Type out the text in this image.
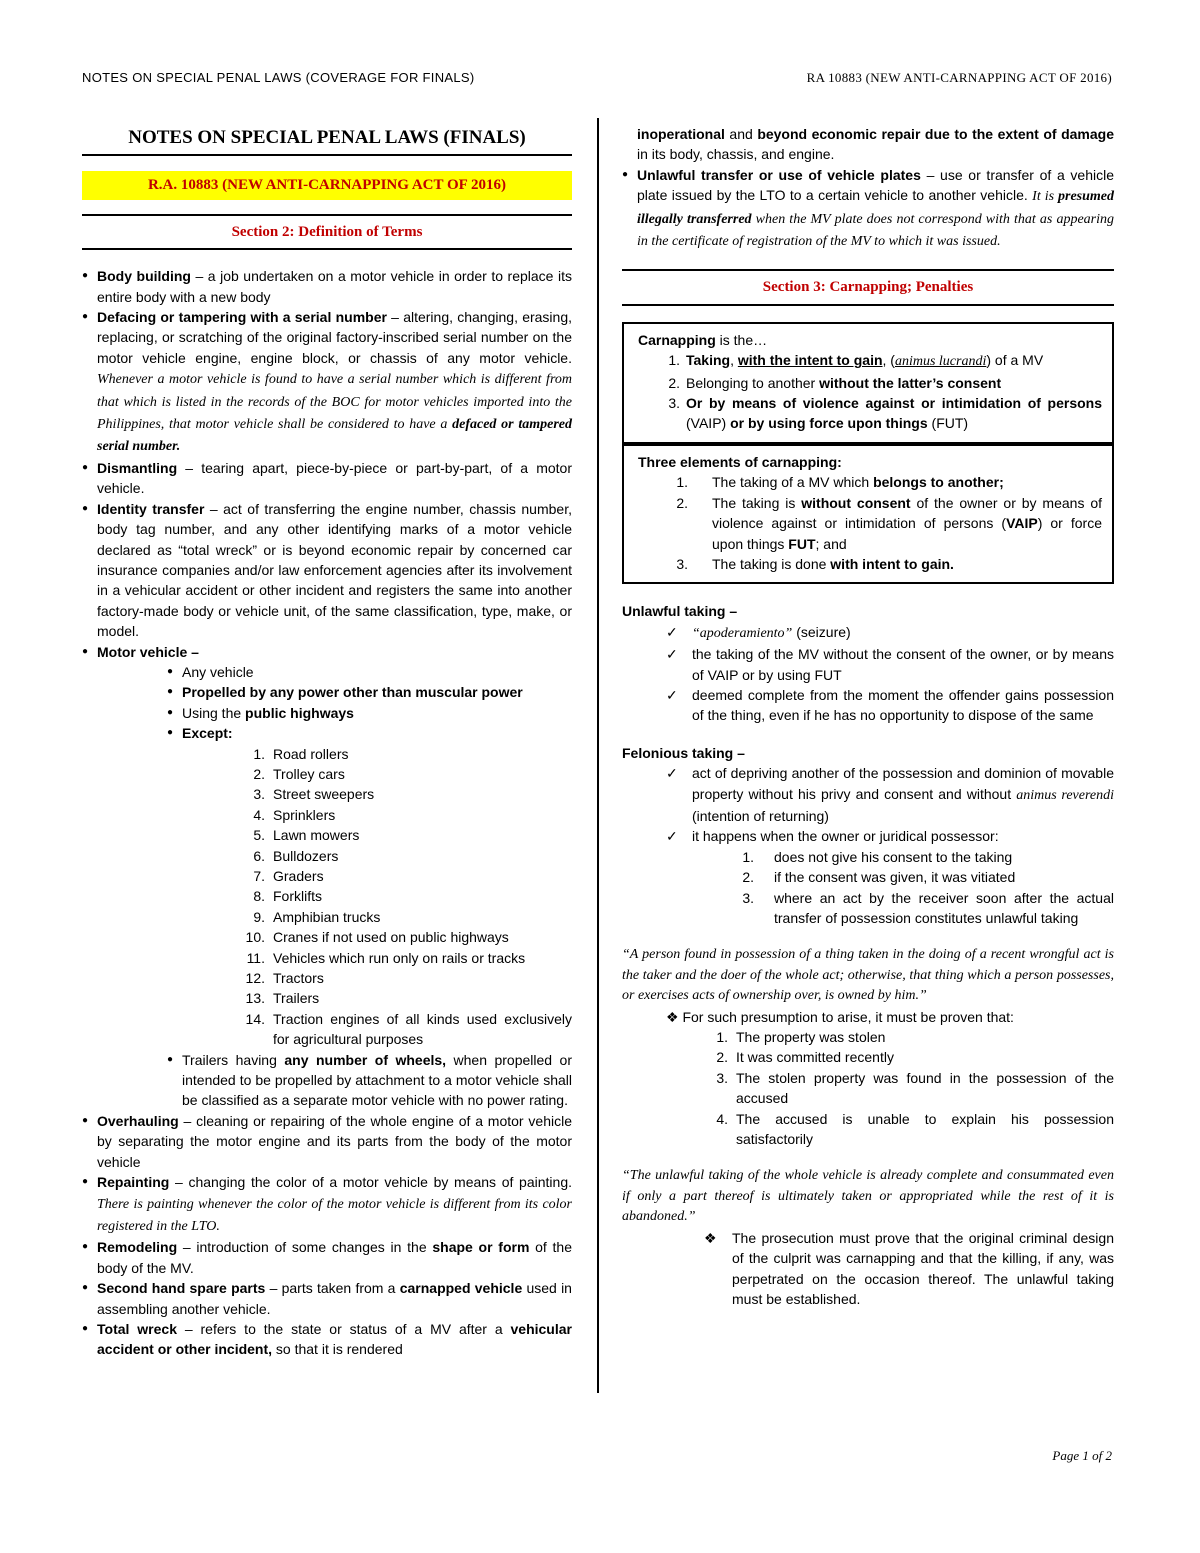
NOTES ON SPECIAL PENAL LAWS (COVERAGE FOR FINALS)	RA 10883 (NEW ANTI-CARNAPPING ACT OF 2016)
NOTES ON SPECIAL PENAL LAWS (FINALS)
R.A. 10883 (NEW ANTI-CARNAPPING ACT OF 2016)
Section 2: Definition of Terms
● Body building – a job undertaken on a motor vehicle in order to replace its entire body with a new body
● Defacing or tampering with a serial number – altering, changing, erasing, replacing, or scratching of the original factory-inscribed serial number on the motor vehicle engine, engine block, or chassis of any motor vehicle. Whenever a motor vehicle is found to have a serial number which is different from that which is listed in the records of the BOC for motor vehicles imported into the Philippines, that motor vehicle shall be considered to have a defaced or tampered serial number.
● Dismantling – tearing apart, piece-by-piece or part-by-part, of a motor vehicle.
● Identity transfer – act of transferring the engine number, chassis number, body tag number, and any other identifying marks of a motor vehicle declared as “total wreck” or is beyond economic repair by concerned car insurance companies and/or law enforcement agencies after its involvement in a vehicular accident or other incident and registers the same into another factory-made body or vehicle unit, of the same classification, type, make, or model.
● Motor vehicle –
● Any vehicle
● Propelled by any power other than muscular power
● Using the public highways
● Except:
1. Road rollers
2. Trolley cars
3. Street sweepers
4. Sprinklers
5. Lawn mowers
6. Bulldozers
7. Graders
8. Forklifts
9. Amphibian trucks
10. Cranes if not used on public highways
11. Vehicles which run only on rails or tracks
12. Tractors
13. Trailers
14. Traction engines of all kinds used exclusively for agricultural purposes
● Trailers having any number of wheels, when propelled or intended to be propelled by attachment to a motor vehicle shall be classified as a separate motor vehicle with no power rating.
● Overhauling – cleaning or repairing of the whole engine of a motor vehicle by separating the motor engine and its parts from the body of the motor vehicle
● Repainting – changing the color of a motor vehicle by means of painting. There is painting whenever the color of the motor vehicle is different from its color registered in the LTO.
● Remodeling – introduction of some changes in the shape or form of the body of the MV.
● Second hand spare parts – parts taken from a carnapped vehicle used in assembling another vehicle.
● Total wreck – refers to the state or status of a MV after a vehicular accident or other incident, so that it is rendered
inoperational and beyond economic repair due to the extent of damage in its body, chassis, and engine.
● Unlawful transfer or use of vehicle plates – use or transfer of a vehicle plate issued by the LTO to a certain vehicle to another vehicle. It is presumed illegally transferred when the MV plate does not correspond with that as appearing in the certificate of registration of the MV to which it was issued.
Section 3: Carnapping; Penalties
Carnapping is the…
1. Taking, with the intent to gain, (animus lucrandi) of a MV
2. Belonging to another without the latter’s consent
3. Or by means of violence against or intimidation of persons (VAIP) or by using force upon things (FUT)
Three elements of carnapping:
1. The taking of a MV which belongs to another;
2. The taking is without consent of the owner or by means of violence against or intimidation of persons (VAIP) or force upon things FUT; and
3. The taking is done with intent to gain.
Unlawful taking –
✓ “apoderamiento” (seizure)
✓ the taking of the MV without the consent of the owner, or by means of VAIP or by using FUT
✓ deemed complete from the moment the offender gains possession of the thing, even if he has no opportunity to dispose of the same
Felonious taking –
✓ act of depriving another of the possession and dominion of movable property without his privy and consent and without animus reverendi (intention of returning)
✓ it happens when the owner or juridical possessor:
1. does not give his consent to the taking
2. if the consent was given, it was vitiated
3. where an act by the receiver soon after the actual transfer of possession constitutes unlawful taking
“A person found in possession of a thing taken in the doing of a recent wrongful act is the taker and the doer of the whole act; otherwise, that thing which a person possesses, or exercises acts of ownership over, is owned by him.”
❖ For such presumption to arise, it must be proven that:
1. The property was stolen
2. It was committed recently
3. The stolen property was found in the possession of the accused
4. The accused is unable to explain his possession satisfactorily
“The unlawful taking of the whole vehicle is already complete and consummated even if only a part thereof is ultimately taken or appropriated while the rest of it is abandoned.”
❖	The prosecution must prove that the original criminal design of the culprit was carnapping and that the killing, if any, was perpetrated on the occasion thereof. The unlawful taking must be established.
Page 1 of 2
